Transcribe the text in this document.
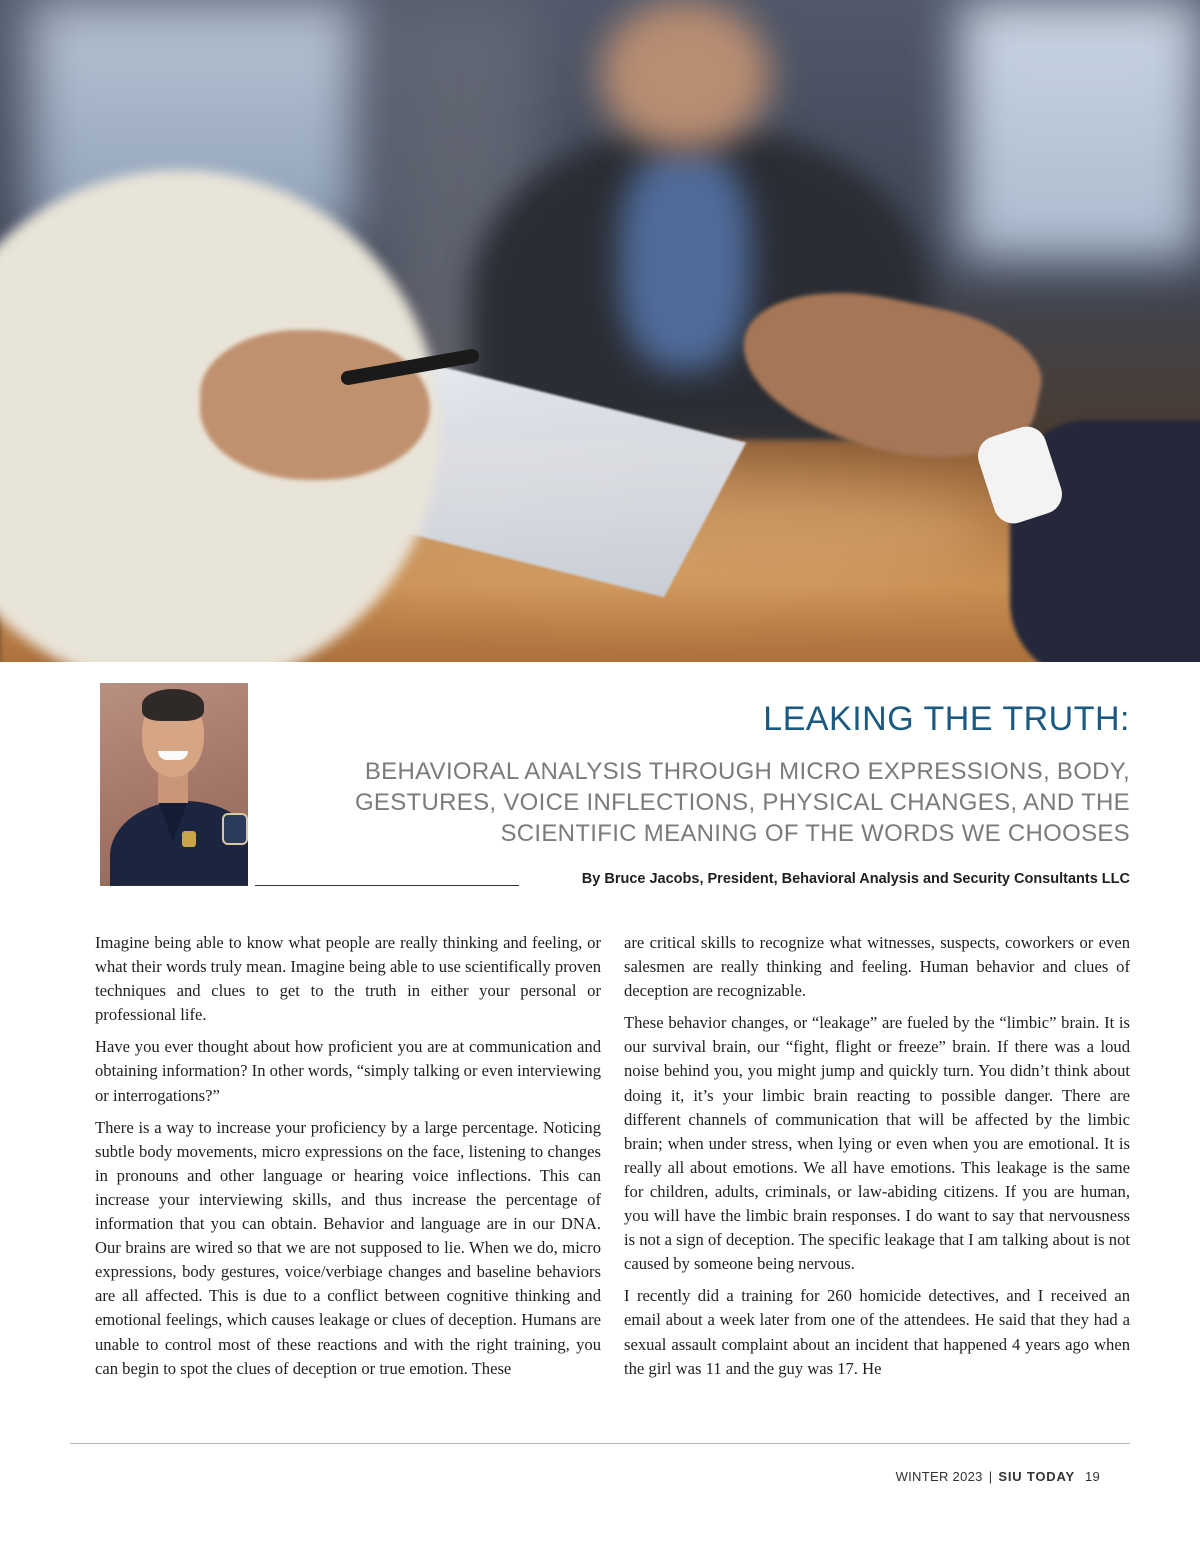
LEAKING THE TRUTH:
BEHAVIORAL ANALYSIS THROUGH MICRO EXPRESSIONS, BODY, GESTURES, VOICE INFLECTIONS, PHYSICAL CHANGES, AND THE SCIENTIFIC MEANING OF THE WORDS WE CHOOSES

By Bruce Jacobs, President, Behavioral Analysis and Security Consultants LLC

Imagine being able to know what people are really thinking and feeling, or what their words truly mean. Imagine being able to use scientifically proven techniques and clues to get to the truth in either your personal or professional life.

Have you ever thought about how proficient you are at communication and obtaining information? In other words, “simply talking or even interviewing or interrogations?”

There is a way to increase your proficiency by a large percentage. Noticing subtle body movements, micro expressions on the face, listening to changes in pronouns and other language or hearing voice inflections. This can increase your interviewing skills, and thus increase the percentage of information that you can obtain. Behavior and language are in our DNA. Our brains are wired so that we are not supposed to lie. When we do, micro expressions, body gestures, voice/verbiage changes and baseline behaviors are all affected. This is due to a conflict between cognitive thinking and emotional feelings, which causes leakage or clues of deception. Humans are unable to control most of these reactions and with the right training, you can begin to spot the clues of deception or true emotion. These

are critical skills to recognize what witnesses, suspects, coworkers or even salesmen are really thinking and feeling. Human behavior and clues of deception are recognizable.

These behavior changes, or “leakage” are fueled by the “limbic” brain. It is our survival brain, our “fight, flight or freeze” brain. If there was a loud noise behind you, you might jump and quickly turn. You didn’t think about doing it, it’s your limbic brain reacting to possible danger. There are different channels of communication that will be affected by the limbic brain; when under stress, when lying or even when you are emotional. It is really all about emotions. We all have emotions. This leakage is the same for children, adults, criminals, or law-abiding citizens. If you are human, you will have the limbic brain responses. I do want to say that nervousness is not a sign of deception. The specific leakage that I am talking about is not caused by someone being nervous.

I recently did a training for 260 homicide detectives, and I received an email about a week later from one of the attendees. He said that they had a sexual assault complaint about an incident that happened 4 years ago when the girl was 11 and the guy was 17. He

WINTER 2023 | SIU TODAY 19
